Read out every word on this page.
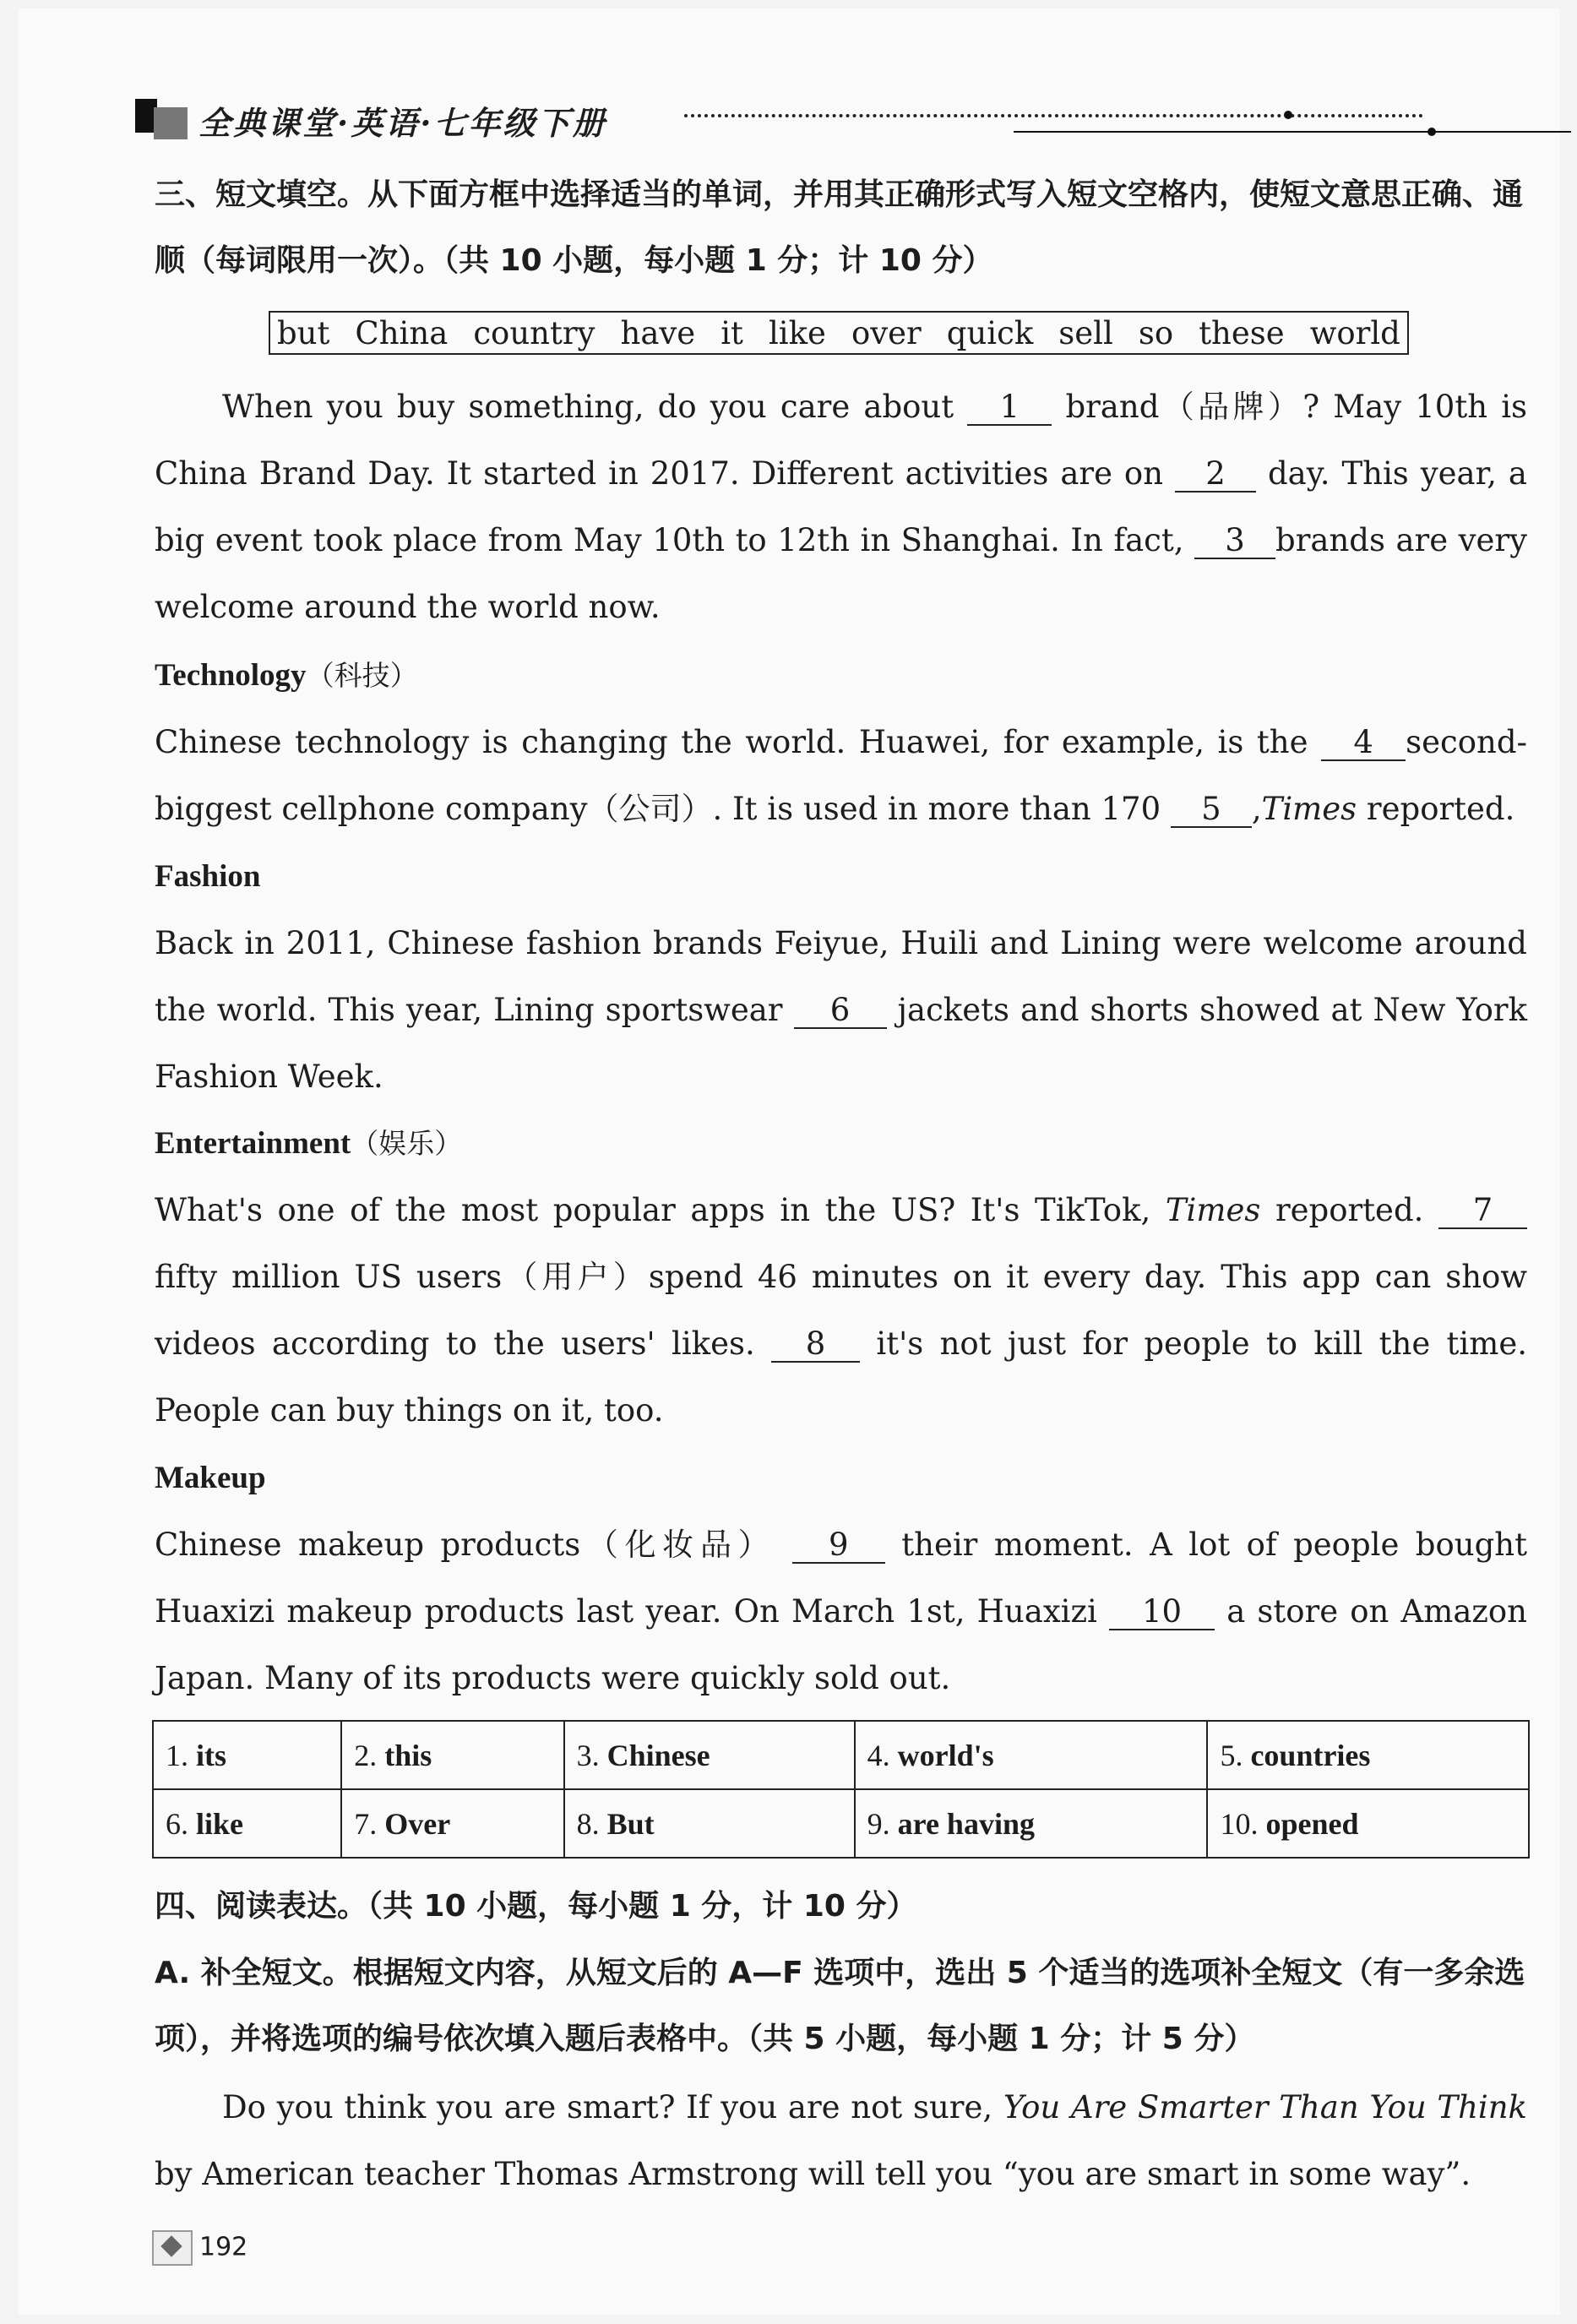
全典课堂·英语·七年级下册
三、短文填空。从下面方框中选择适当的单词，并用其正确形式写入短文空格内，使短文意思正确、通顺（每词限用一次）。（共 10 小题，每小题 1 分；计 10 分）
but China country have it like over quick sell so these world
When you buy something, do you care about 1 brand（品牌）? May 10th is China Brand Day. It started in 2017. Different activities are on 2 day. This year, a big event took place from May 10th to 12th in Shanghai. In fact, 3 brands are very welcome around the world now.
Technology（科技）
Chinese technology is changing the world. Huawei, for example, is the 4 second-biggest cellphone company（公司）. It is used in more than 170 5 ,Times reported.
Fashion
Back in 2011, Chinese fashion brands Feiyue, Huili and Lining were welcome around the world. This year, Lining sportswear 6 jackets and shorts showed at New York Fashion Week.
Entertainment（娱乐）
What's one of the most popular apps in the US? It's TikTok, Times reported. 7 fifty million US users（用户）spend 46 minutes on it every day. This app can show videos according to the users' likes. 8 it's not just for people to kill the time. People can buy things on it, too.
Makeup
Chinese makeup products（化妆品） 9 their moment. A lot of people bought Huaxizi makeup products last year. On March 1st, Huaxizi 10 a store on Amazon Japan. Many of its products were quickly sold out.
1. its	2. this	3. Chinese	4. world's	5. countries
6. like	7. Over	8. But	9. are having	10. opened
四、阅读表达。（共 10 小题，每小题 1 分，计 10 分）
A. 补全短文。根据短文内容，从短文后的 A—F 选项中，选出 5 个适当的选项补全短文（有一多余选项），并将选项的编号依次填入题后表格中。（共 5 小题，每小题 1 分；计 5 分）
Do you think you are smart? If you are not sure, You Are Smarter Than You Think by American teacher Thomas Armstrong will tell you “you are smart in some way”.
192
